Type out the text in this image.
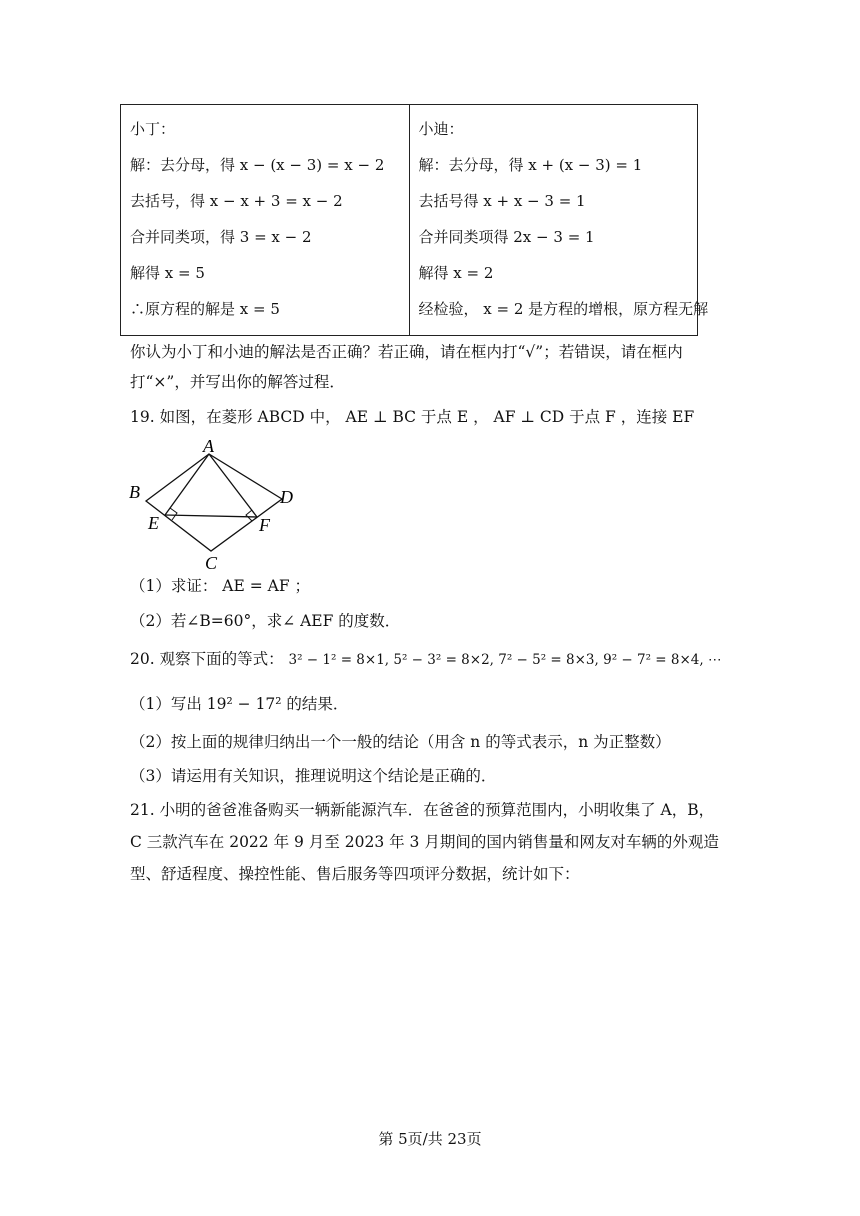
小丁：
解：去分母，得 x − (x − 3) = x − 2
去括号，得 x − x + 3 = x − 2
合并同类项，得 3 = x − 2
解得 x = 5
∴原方程的解是 x = 5

小迪：
解：去分母，得 x + (x − 3) = 1
去括号得 x + x − 3 = 1
合并同类项得 2x − 3 = 1
解得 x = 2
经检验， x = 2 是方程的增根，原方程无解
你认为小丁和小迪的解法是否正确？若正确，请在框内打“√”；若错误，请在框内
打“×”，并写出你的解答过程．
19. 如图，在菱形 ABCD 中， AE ⊥ BC 于点 E ， AF ⊥ CD 于点 F ，连接 EF
A
B
C
D
E	F
（1）求证： AE = AF ；
（2）若∠B=60°，求∠ AEF 的度数．
20. 观察下面的等式： 3² − 1² = 8×1, 5² − 3² = 8×2, 7² − 5² = 8×3, 9² − 7² = 8×4, ⋯
（1）写出 19² − 17² 的结果．
（2）按上面的规律归纳出一个一般的结论（用含 n 的等式表示，n 为正整数）
（3）请运用有关知识，推理说明这个结论是正确的．
21. 小明的爸爸准备购买一辆新能源汽车．在爸爸的预算范围内，小明收集了 A，B，
C 三款汽车在 2022 年 9 月至 2023 年 3 月期间的国内销售量和网友对车辆的外观造
型、舒适程度、操控性能、售后服务等四项评分数据，统计如下：
第 5页/共 23页
